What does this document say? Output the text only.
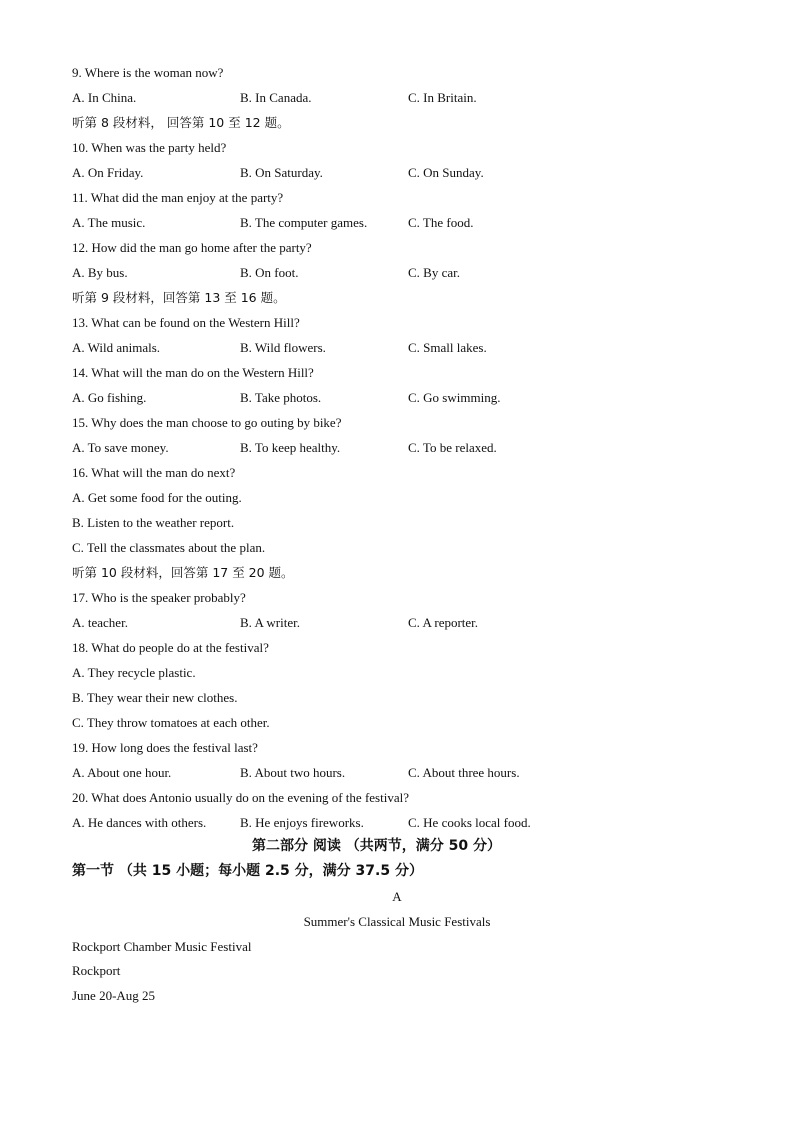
9. Where is the woman now?
A. In China.	B. In Canada.	C. In Britain.
听第 8 段材料， 回答第 10 至 12 题。
10. When was the party held?
A. On Friday.	B. On Saturday.	C. On Sunday.
11. What did the man enjoy at the party?
A. The music.	B. The computer games.	C. The food.
12. How did the man go home after the party?
A. By bus.	B. On foot.	C. By car.
听第 9 段材料，回答第 13 至 16 题。
13. What can be found on the Western Hill?
A. Wild animals.	B. Wild flowers.	C. Small lakes.
14. What will the man do on the Western Hill?
A. Go fishing.	B. Take photos.	C. Go swimming.
15. Why does the man choose to go outing by bike?
A. To save money.	B. To keep healthy.	C. To be relaxed.
16. What will the man do next?
A. Get some food for the outing.
B. Listen to the weather report.
C. Tell the classmates about the plan.
听第 10 段材料，回答第 17 至 20 题。
17. Who is the speaker probably?
A. teacher.	B. A writer.	C. A reporter.
18. What do people do at the festival?
A. They recycle plastic.
B. They wear their new clothes.
C. They throw tomatoes at each other.
19. How long does the festival last?
A. About one hour.	B. About two hours.	C. About three hours.
20. What does Antonio usually do on the evening of the festival?
A. He dances with others.	B. He enjoys fireworks.	C. He cooks local food.
第二部分 阅读 （共两节，满分 50 分）
第一节 （共 15 小题；每小题 2.5 分，满分 37.5 分）
A
Summer's Classical Music Festivals
Rockport Chamber Music Festival
Rockport
June 20-Aug 25
